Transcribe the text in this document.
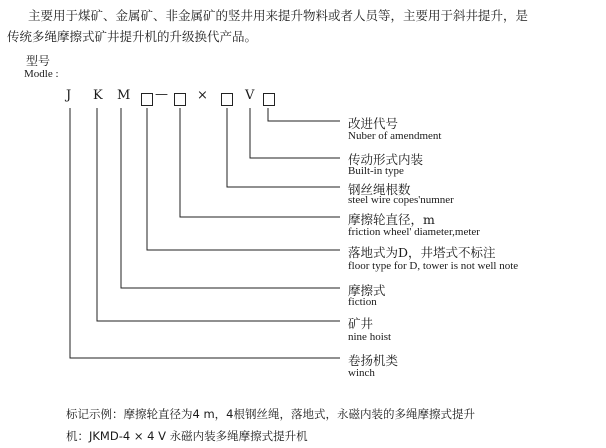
主要用于煤矿、金属矿、非金属矿的竖井用来提升物料或者人员等，主要用于斜井提升，是
传统多绳摩擦式矿井提升机的升级换代产品。
型号
Modle :
J K M — ×	V
改进代号
Nuber of amendment
传动形式内装
Built-in type
钢丝绳根数
steel wire copes'numner
摩擦轮直径，m
friction wheel' diameter,meter
落地式为D，井塔式不标注
floor type for D, tower is not well note
摩擦式
fiction
矿井
nine hoist
卷扬机类
winch
标记示例：摩擦轮直径为4 m，4根钢丝绳，落地式，永磁内装的多绳摩擦式提升
机：JKMD-4 × 4 V 永磁内装多绳摩擦式提升机
